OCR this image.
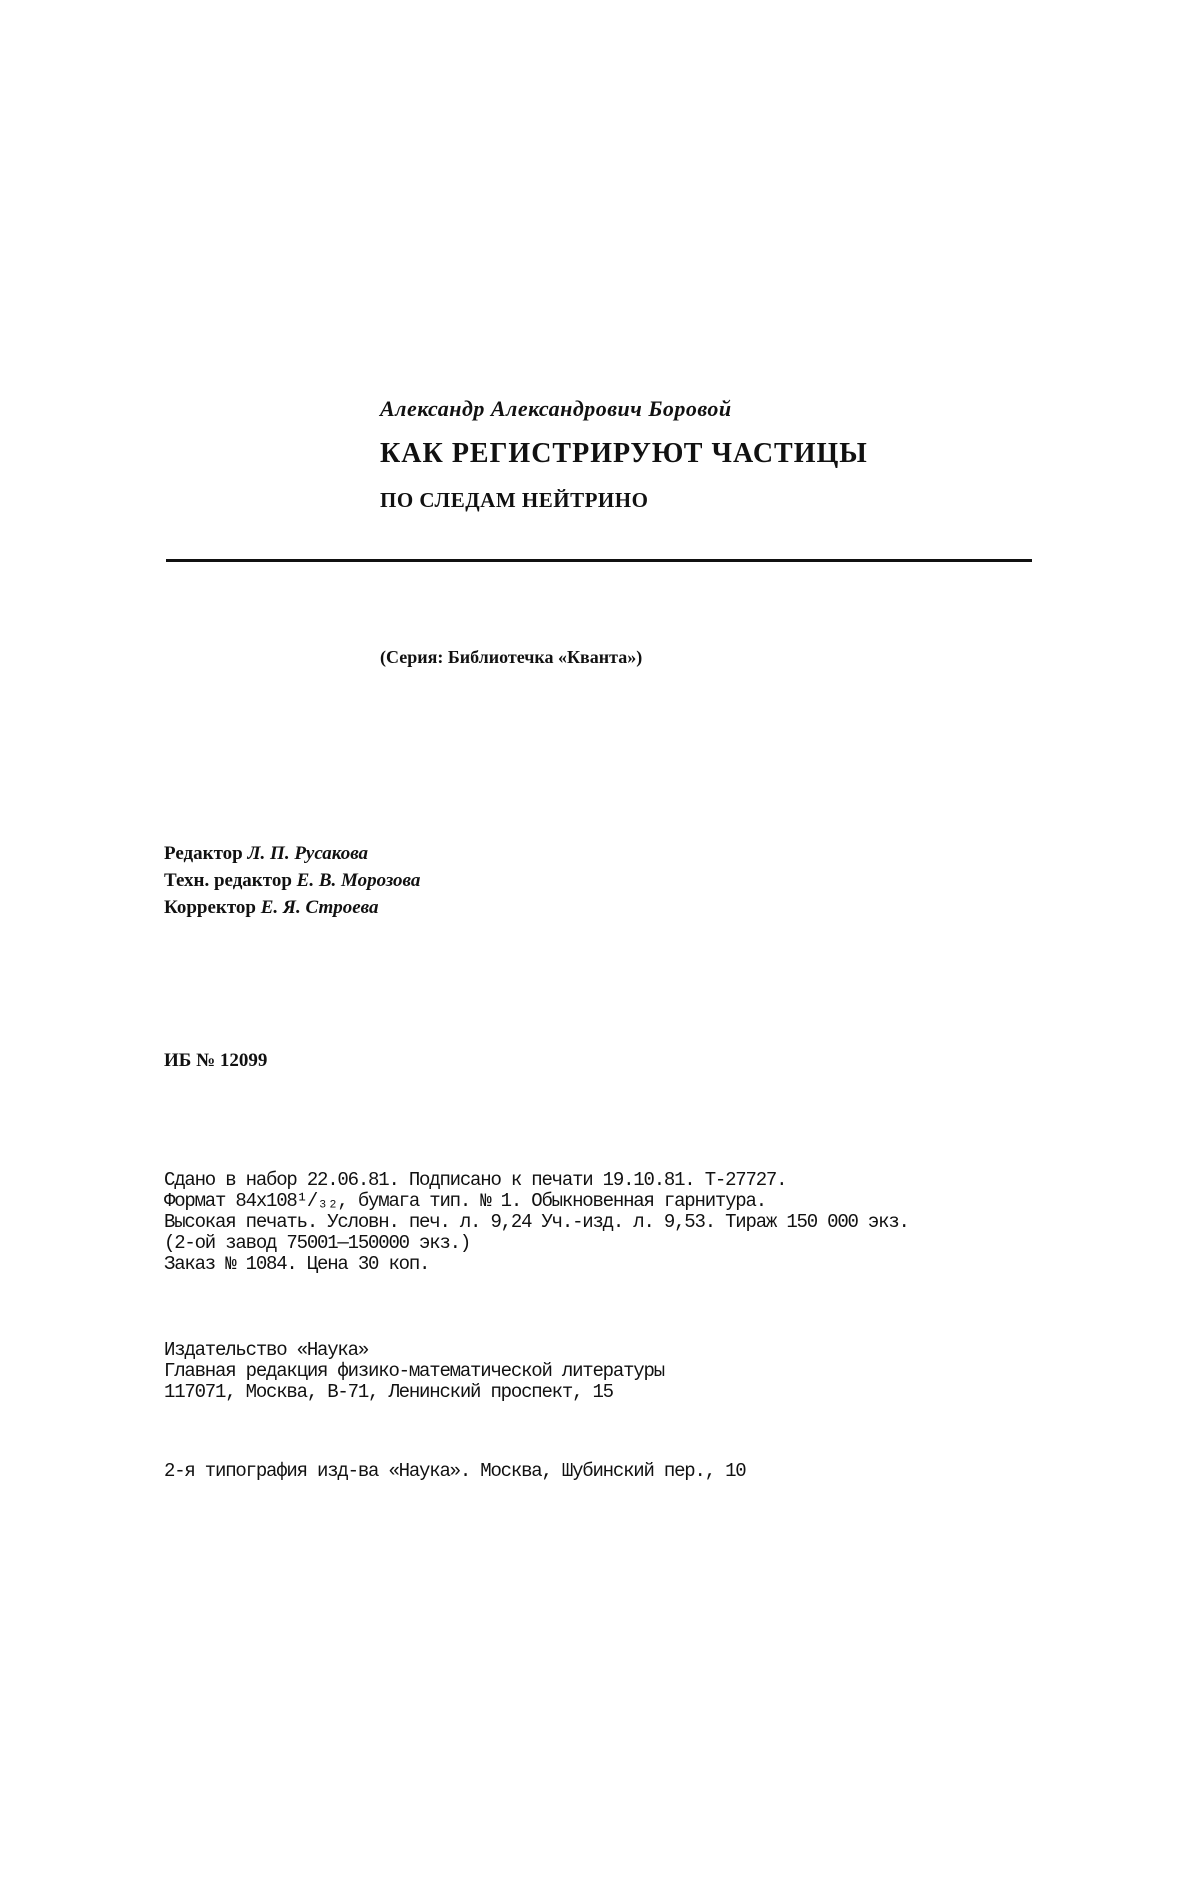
Александр Александрович Боровой
КАК РЕГИСТРИРУЮТ ЧАСТИЦЫ
ПО СЛЕДАМ НЕЙТРИНО
(Серия: Библиотечка «Кванта»)
Редактор Л. П. Русакова
Техн. редактор Е. В. Морозова
Корректор Е. Я. Строева
ИБ № 12099
Сдано в набор 22.06.81. Подписано к печати 19.10.81. Т-27727.
Формат 84x108¹/₃₂, бумага тип. № 1. Обыкновенная гарнитура.
Высокая печать. Условн. печ. л. 9,24 Уч.-изд. л. 9,53. Тираж 150 000 экз.
(2-ой завод 75001—150000 экз.)
Заказ № 1084. Цена 30 коп.
Издательство «Наука»
Главная редакция физико-математической литературы
117071, Москва, В-71, Ленинский проспект, 15
2-я типография изд-ва «Наука». Москва, Шубинский пер., 10
